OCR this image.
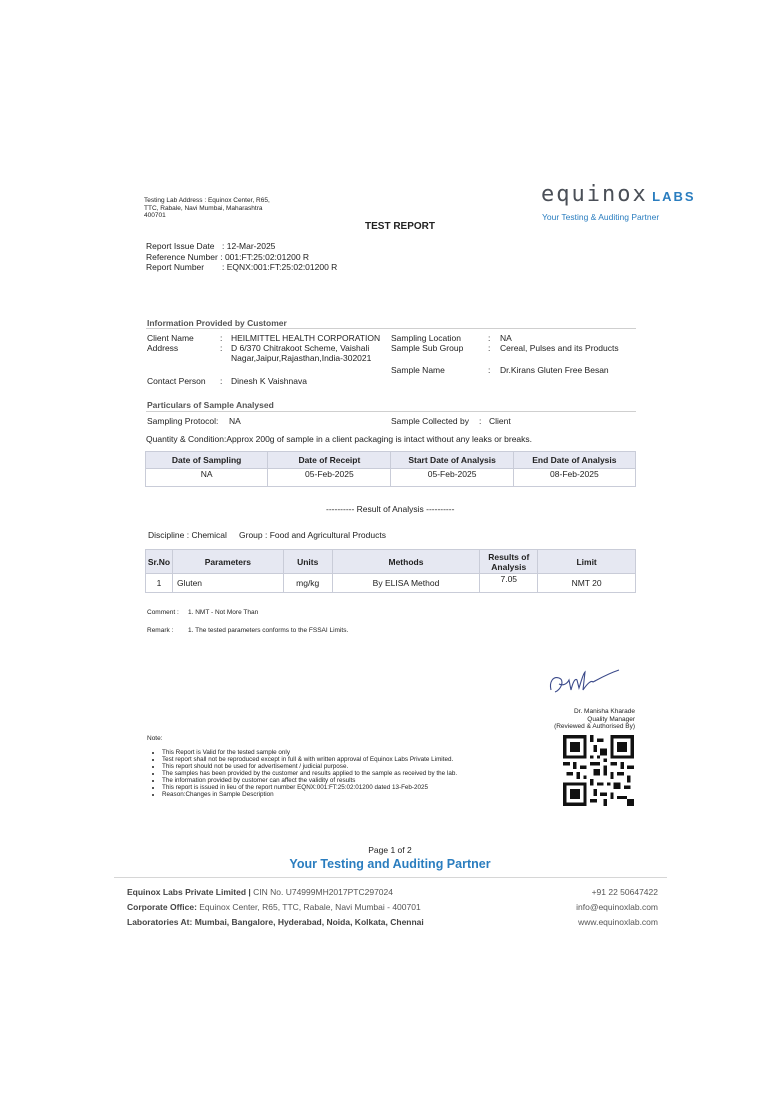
Testing Lab Address : Equinox Center, R65, TTC, Rabale, Navi Mumbai, Maharashtra 400701
equinox LABS
Your Testing & Auditing Partner
TEST REPORT
Report Issue Date : 12-Mar-2025
Reference Number : 001:FT:25:02:01200 R
Report Number : EQNX:001:FT:25:02:01200 R
Information Provided by Customer
Client Name	: HEILMITTEL HEALTH CORPORATION
Address	: D 6/370 Chitrakoot Scheme, Vaishali Nagar,Jaipur,Rajasthan,India-302021
Contact Person : Dinesh K Vaishnava
Sampling Location	: NA
Sample Sub Group	: Cereal, Pulses and its Products
Sample Name	: Dr.Kirans Gluten Free Besan
Particulars of Sample Analysed
Sampling Protocol: NA	Sample Collected by : Client
Quantity & Condition:Approx 200g of sample in a client packaging is intact without any leaks or breaks.
Date of Sampling	Date of Receipt	Start Date of Analysis	End Date of Analysis
NA	05-Feb-2025	05-Feb-2025	08-Feb-2025
---------- Result of Analysis ----------
Discipline : Chemical Group : Food and Agricultural Products
Sr.No	Parameters	Units	Methods	Results of Analysis	Limit
1	Gluten	mg/kg	By ELISA Method	7.05	NMT 20
Comment : 1. NMT - Not More Than
Remark : 1. The tested parameters conforms to the FSSAI Limits.
Dr. Manisha Kharade
Quality Manager
(Reviewed & Authorised By)
Note:
• This Report is Valid for the tested sample only
• Test report shall not be reproduced except in full & with written approval of Equinox Labs Private Limited.
• This report should not be used for advertisement / judicial purpose.
• The samples has been provided by the customer and results applied to the sample as received by the lab.
• The information provided by customer can affect the validity of results
• This report is issued in lieu of the report number EQNX:001:FT:25:02:01200 dated 13-Feb-2025
• Reason:Changes in Sample Description
Page 1 of 2
Your Testing and Auditing Partner
Equinox Labs Private Limited | CIN No. U74999MH2017PTC297024
Corporate Office: Equinox Center, R65, TTC, Rabale, Navi Mumbai - 400701
Laboratories At: Mumbai, Bangalore, Hyderabad, Noida, Kolkata, Chennai
+91 22 50647422
info@equinoxlab.com
www.equinoxlab.com
